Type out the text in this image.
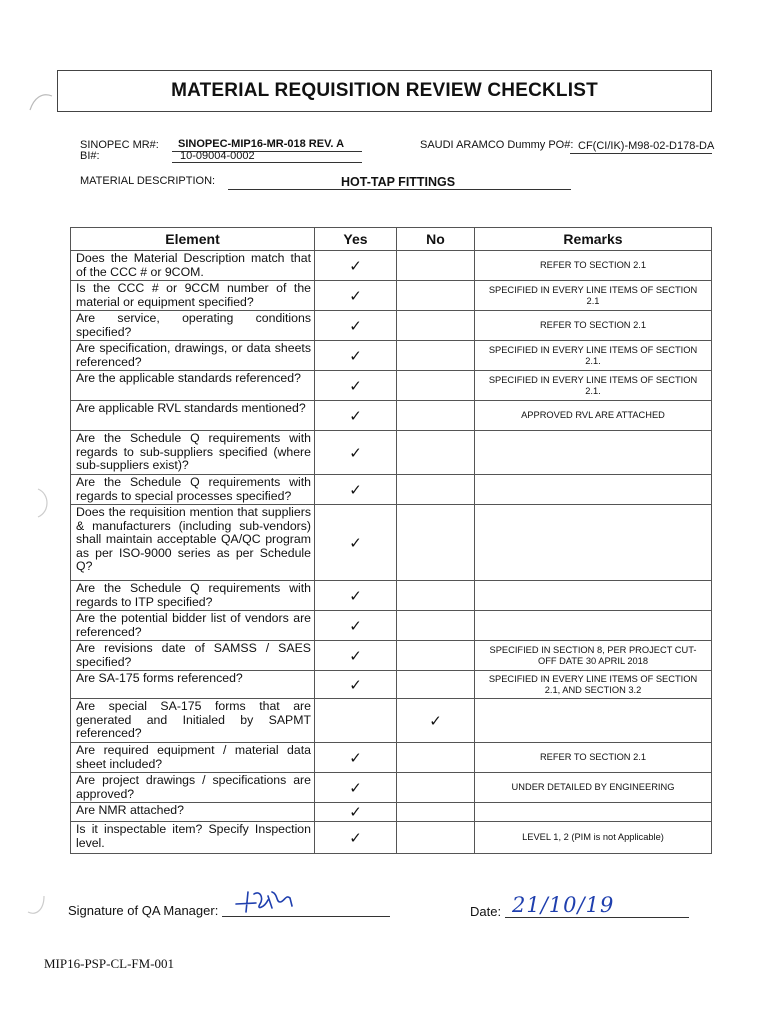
MATERIAL REQUISITION REVIEW CHECKLIST
SINOPEC MR#: SINOPEC-MIP16-MR-018 REV. A
BI#:	10-09004-0002
SAUDI ARAMCO Dummy PO#: CF(CI/IK)-M98-02-D178-DA
MATERIAL DESCRIPTION:	HOT-TAP FITTINGS
Element	Yes	No	Remarks
Does the Material Description match that of the CCC # or 9COM.	✓		REFER TO SECTION 2.1
Is the CCC # or 9CCM number of the material or equipment specified?	✓		SPECIFIED IN EVERY LINE ITEMS OF SECTION 2.1
Are service, operating conditions specified?	✓		REFER TO SECTION 2.1
Are specification, drawings, or data sheets referenced?	✓		SPECIFIED IN EVERY LINE ITEMS OF SECTION 2.1.
Are the applicable standards referenced?	✓		SPECIFIED IN EVERY LINE ITEMS OF SECTION 2.1.
Are applicable RVL standards mentioned?	✓		APPROVED RVL ARE ATTACHED
Are the Schedule Q requirements with regards to sub-suppliers specified (where sub-suppliers exist)?	✓		
Are the Schedule Q requirements with regards to special processes specified?	✓		
Does the requisition mention that suppliers & manufacturers (including sub-vendors) shall maintain acceptable QA/QC program as per ISO-9000 series as per Schedule Q?	✓		
Are the Schedule Q requirements with regards to ITP specified?	✓		
Are the potential bidder list of vendors are referenced?	✓		
Are revisions date of SAMSS / SAES specified?	✓		SPECIFIED IN SECTION 8, PER PROJECT CUT-OFF DATE 30 APRIL 2018
Are SA-175 forms referenced?	✓		SPECIFIED IN EVERY LINE ITEMS OF SECTION 2.1, AND SECTION 3.2
Are special SA-175 forms that are generated and Initialed by SAPMT referenced?		✓	
Are required equipment / material data sheet included?	✓		REFER TO SECTION 2.1
Are project drawings / specifications are approved?	✓		UNDER DETAILED BY ENGINEERING
Are NMR attached?	✓		
Is it inspectable item? Specify Inspection level.	✓		LEVEL 1, 2 (PIM is not Applicable)
Signature of QA Manager:	Date: 21/10/19
MIP16-PSP-CL-FM-001
